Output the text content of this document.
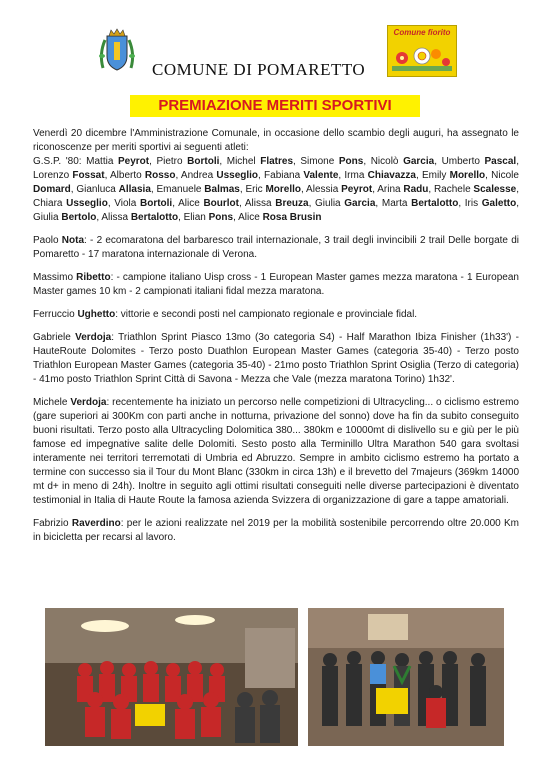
COMUNE DI POMARETTO
Comune fiorito
PREMIAZIONE MERITI SPORTIVI

Venerdì 20 dicembre l'Amministrazione Comunale, in occasione dello scambio degli auguri, ha assegnato le riconoscenze per meriti sportivi ai seguenti atleti:
G.S.P. '80: Mattia Peyrot, Pietro Bortoli, Michel Flatres, Simone Pons, Nicolò Garcia, Umberto Pascal, Lorenzo Fossat, Alberto Rosso, Andrea Usseglio, Fabiana Valente, Irma Chiavazza, Emily Morello, Nicole Domard, Gianluca Allasia, Emanuele Balmas, Eric Morello, Alessia Peyrot, Arina Radu, Rachele Scalesse, Chiara Usseglio, Viola Bortoli, Alice Bourlot, Alissa Breuza, Giulia Garcia, Marta Bertalotto, Iris Galetto, Giulia Bertolo, Alissa Bertalotto, Elian Pons, Alice Rosa Brusin

Paolo Nota: - 2 ecomaratona del barbaresco trail internazionale, 3 trail degli invincibili 2 trail Delle borgate di Pomaretto - 17 maratona internazionale di Verona.

Massimo Ribetto: - campione italiano Uisp cross - 1 European Master games mezza maratona - 1 European Master games 10 km - 2 campionati italiani fidal mezza maratona.

Ferruccio Ughetto: vittorie e secondi posti nel campionato regionale e provinciale fidal.

Gabriele Verdoja: Triathlon Sprint Piasco 13mo (3o categoria S4) - Half Marathon Ibiza Finisher (1h33') - HauteRoute Dolomites - Terzo posto Duathlon European Master Games (categoria 35-40) - Terzo posto Triathlon European Master Games (categoria 35-40) - 21mo posto Triathlon Sprint Osiglia (Terzo di categoria) - 41mo posto Triathlon Sprint Città di Savona - Mezza che Vale (mezza maratona Torino) 1h32'.

Michele Verdoja: recentemente ha iniziato un percorso nelle competizioni di Ultracycling... o ciclismo estremo (gare superiori ai 300Km con parti anche in notturna, privazione del sonno) dove ha fin da subito conseguito buoni risultati. Terzo posto alla Ultracycling Dolomitica 380... 380km e 10000mt di dislivello su e giù per le più famose ed impegnative salite delle Dolomiti. Sesto posto alla Terminillo Ultra Marathon 540 gara svoltasi interamente nei territori terremotati di Umbria ed Abruzzo. Sempre in ambito ciclismo estremo ha portato a termine con successo sia il Tour du Mont Blanc (330km in circa 13h) e il brevetto del 7majeurs (369km 14000 mt d+ in meno di 24h). Inoltre in seguito agli ottimi risultati conseguiti nelle diverse partecipazioni è diventato testimonial in Italia di Haute Route la famosa azienda Svizzera di organizzazione di gare a tappe amatoriali.

Fabrizio Raverdino: per le azioni realizzate nel 2019 per la mobilità sostenibile percorrendo oltre 20.000 Km in bicicletta per recarsi al lavoro.
